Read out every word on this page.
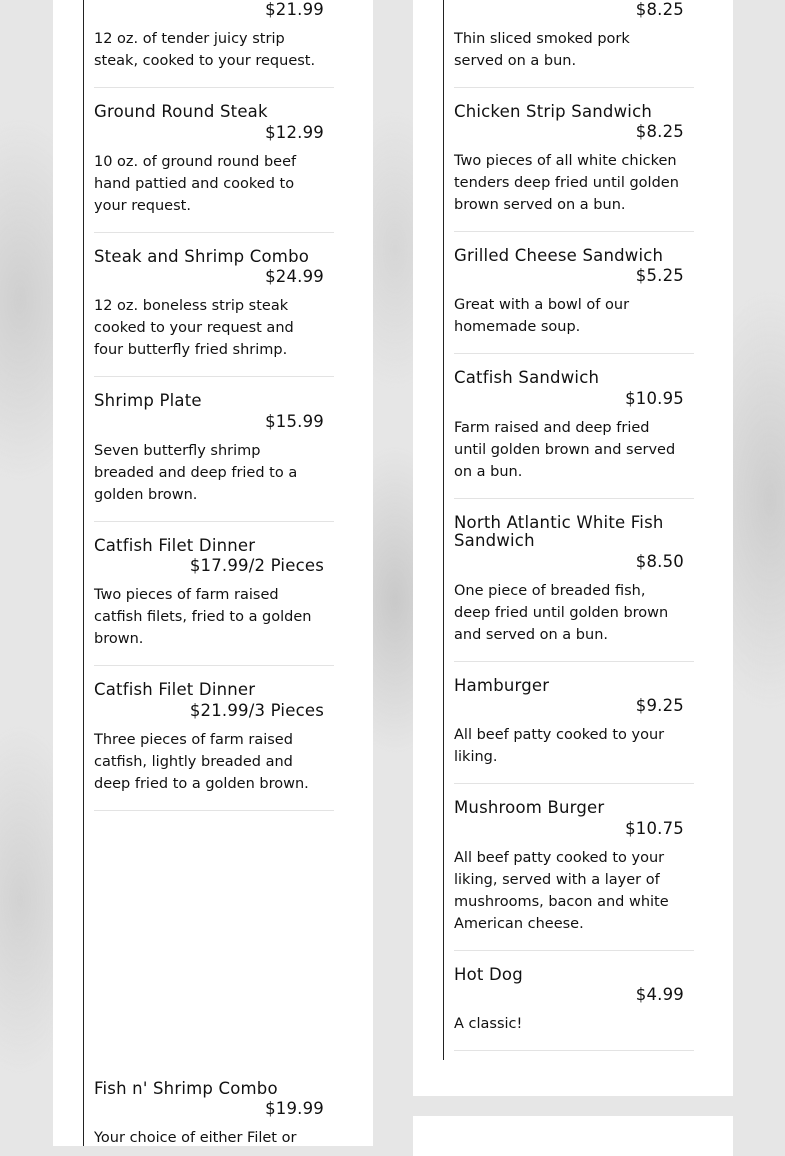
$21.99
12 oz. of tender juicy strip steak, cooked to your request.
Ground Round Steak
$12.99
10 oz. of ground round beef hand pattied and cooked to your request.
Steak and Shrimp Combo
$24.99
12 oz. boneless strip steak cooked to your request and four butterfly fried shrimp.
Shrimp Plate
$15.99
Seven butterfly shrimp breaded and deep fried to a golden brown.
Catfish Filet Dinner
$17.99/2 Pieces
Two pieces of farm raised catfish filets, fried to a golden brown.
Catfish Filet Dinner
$21.99/3 Pieces
Three pieces of farm raised catfish, lightly breaded and deep fried to a golden brown.
Fish n' Shrimp Combo
$19.99
Your choice of either Filet or
$8.25
Thin sliced smoked pork served on a bun.
Chicken Strip Sandwich
$8.25
Two pieces of all white chicken tenders deep fried until golden brown served on a bun.
Grilled Cheese Sandwich
$5.25
Great with a bowl of our homemade soup.
Catfish Sandwich
$10.95
Farm raised and deep fried until golden brown and served on a bun.
North Atlantic White Fish Sandwich
$8.50
One piece of breaded fish, deep fried until golden brown and served on a bun.
Hamburger
$9.25
All beef patty cooked to your liking.
Mushroom Burger
$10.75
All beef patty cooked to your liking, served with a layer of mushrooms, bacon and white American cheese.
Hot Dog
$4.99
A classic!
